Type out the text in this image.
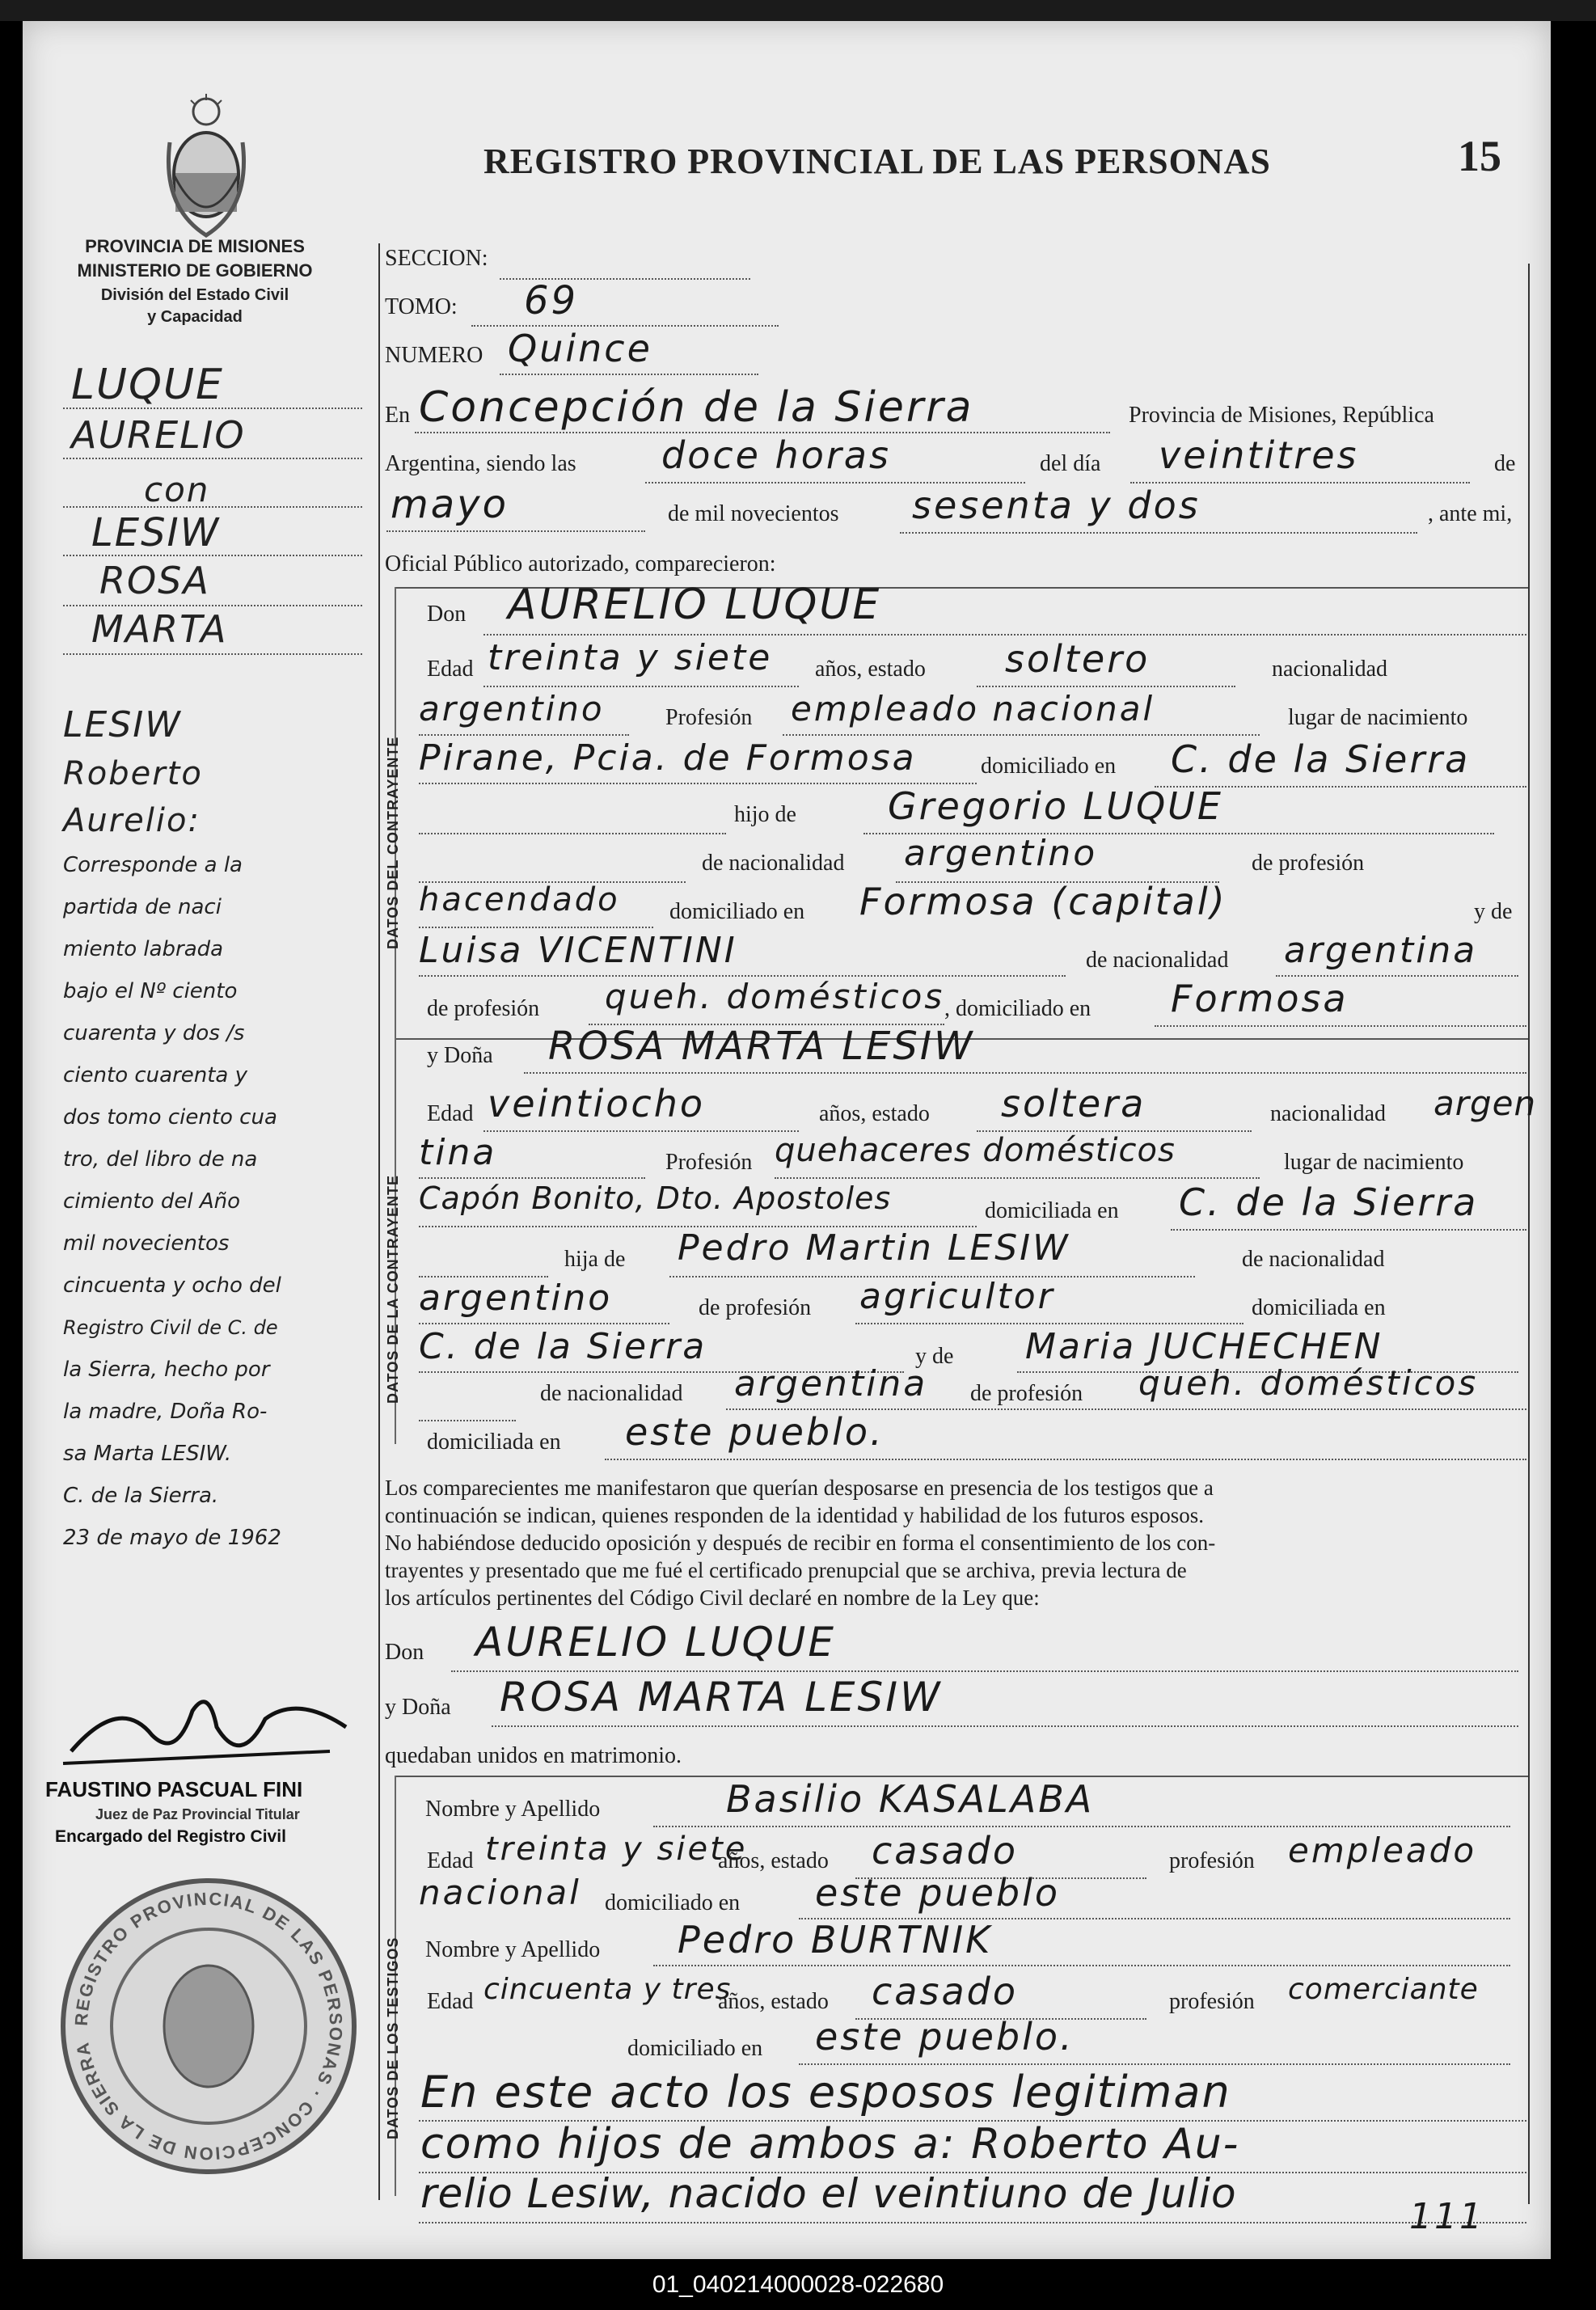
PROVINCIA DE MISIONES
MINISTERIO DE GOBIERNO
División del Estado Civil
y Capacidad
LUQUE
AURELIO
con
LESIW
ROSA
MARTA
LESIW
Roberto
Aurelio:
Corresponde a la
partida de naci
miento labrada
bajo el Nº ciento
cuarenta y dos /s
ciento cuarenta y
dos tomo ciento cua
tro, del libro de na
cimiento del Año
mil novecientos
cincuenta y ocho del
Registro Civil de C. de
la Sierra, hecho por
la madre, Doña Ro-
sa Marta LESIW.
C. de la Sierra.
23 de mayo de 1962
FAUSTINO PASCUAL FINI
Juez de Paz Provincial Titular
Encargado del Registro Civil
REGISTRO PROVINCIAL DE LAS PERSONAS · CONCEPCION DE LA SIERRA
REGISTRO PROVINCIAL DE LAS PERSONAS	15
SECCION:
TOMO: 69
NUMERO Quince
En Concepción de la Sierra	Provincia de Misiones, República
Argentina, siendo las doce horas	del día veintitres	de
mayo	de mil novecientos sesenta y dos	, ante mi,
Oficial Público autorizado, comparecieron:
DATOS DEL CONTRAYENTE
Don AURELIO LUQUE
Edad treinta y siete años, estado soltero	nacionalidad
argentino	Profesión empleado nacional	lugar de nacimiento
Pirane, Pcia. de Formosa	domiciliado en C. de la Sierra
hijo de Gregorio LUQUE
de nacionalidad argentino	de profesión
hacendado domiciliado en Formosa (capital)	y de
Luisa VICENTINI	de nacionalidad argentina
de profesión queh. domésticos , domiciliado en Formosa
DATOS DE LA CONTRAYENTE
y Doña ROSA MARTA LESIW
Edad veintiocho	años, estado soltera	nacionalidad argen
tina	Profesión quehaceres domésticos	lugar de nacimiento
Capón Bonito, Dto. Apostoles	domiciliada en C. de la Sierra
hija de Pedro Martin LESIW	de nacionalidad
argentino	de profesión agricultor	domiciliada en
C. de la Sierra	y de Maria JUCHECHEN
de nacionalidad argentina de profesión queh. domésticos
domiciliada en este pueblo.
Los comparecientes me manifestaron que querían desposarse en presencia de los testigos que a
continuación se indican, quienes responden de la identidad y habilidad de los futuros esposos.
No habiéndose deducido oposición y después de recibir en forma el consentimiento de los con-
trayentes y presentado que me fué el certificado prenupcial que se archiva, previa lectura de
los artículos pertinentes del Código Civil declaré en nombre de la Ley que:
Don AURELIO LUQUE
y Doña ROSA MARTA LESIW
quedaban unidos en matrimonio.
DATOS DE LOS TESTIGOS
Nombre y Apellido	Basilio KASALABA
Edad treinta y siete
años, estado casado	profesión empleado
nacional domiciliado en este pueblo
Nombre y Apellido Pedro BURTNIK
Edad cincuenta y tres
años, estado casado	profesión comerciante
domiciliado en este pueblo.
En este acto los esposos legitiman
como hijos de ambos a: Roberto Au-
relio Lesiw, nacido el veintiuno de Julio	111
01_040214000028-022680
